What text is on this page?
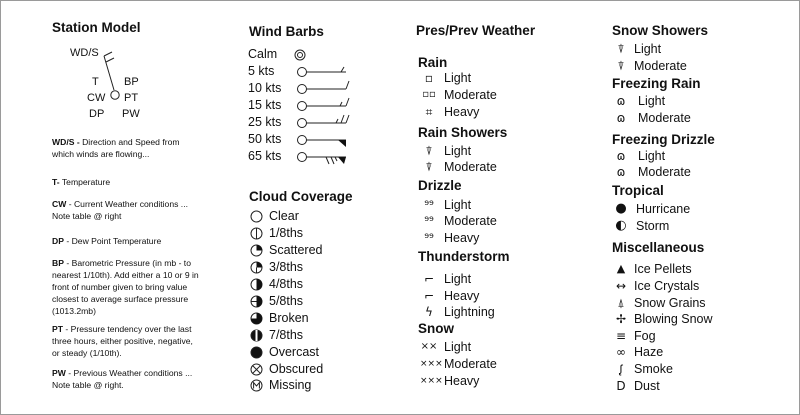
Station Model
WD/S
T BP
CW PT
DP PW
WD/S - Direction and Speed from which winds are flowing...
T- Temperature
CW - Current Weather conditions ... Note table @ right
DP - Dew Point Temperature
BP - Barometric Pressure (in mb - to nearest 1/10th). Add either a 10 or 9 in front of number given to bring value closest to average surface pressure (1013.2mb)
PT - Pressure tendency over the last three hours, either positive, negative, or steady (1/10th).
PW - Previous Weather conditions ... Note table @ right.
Wind Barbs
Calm
5 kts
10 kts
15 kts
25 kts
50 kts
65 kts
Cloud Coverage
Clear
1/8ths
Scattered
3/8ths
4/8ths
5/8ths
Broken
7/8ths
Overcast
Obscured
Missing
Pres/Prev Weather
Rain
▫ Light
▫▫ Moderate
⌗ Heavy
Rain Showers
⍒ Light
⍒ Moderate
Drizzle
⁹⁹ Light
⁹⁹ Moderate
⁹⁹ Heavy
Thunderstorm
⌐ Light
⌐ Heavy
ϟ Lightning
Snow
×× Light
××× Moderate
××× Heavy
Snow Showers
⍒ Light
⍒ Moderate
Freezing Rain
ɷ	Light
ɷ	Moderate
Freezing Drizzle
ɷ	Light
ɷ	Moderate
Tropical
● Hurricane
◐ Storm
Miscellaneous
▲ Ice Pellets
↔ Ice Crystals
⍋ Snow Grains
✢ Blowing Snow
≡ Fog
∞ Haze
ᶘ Smoke
D Dust
